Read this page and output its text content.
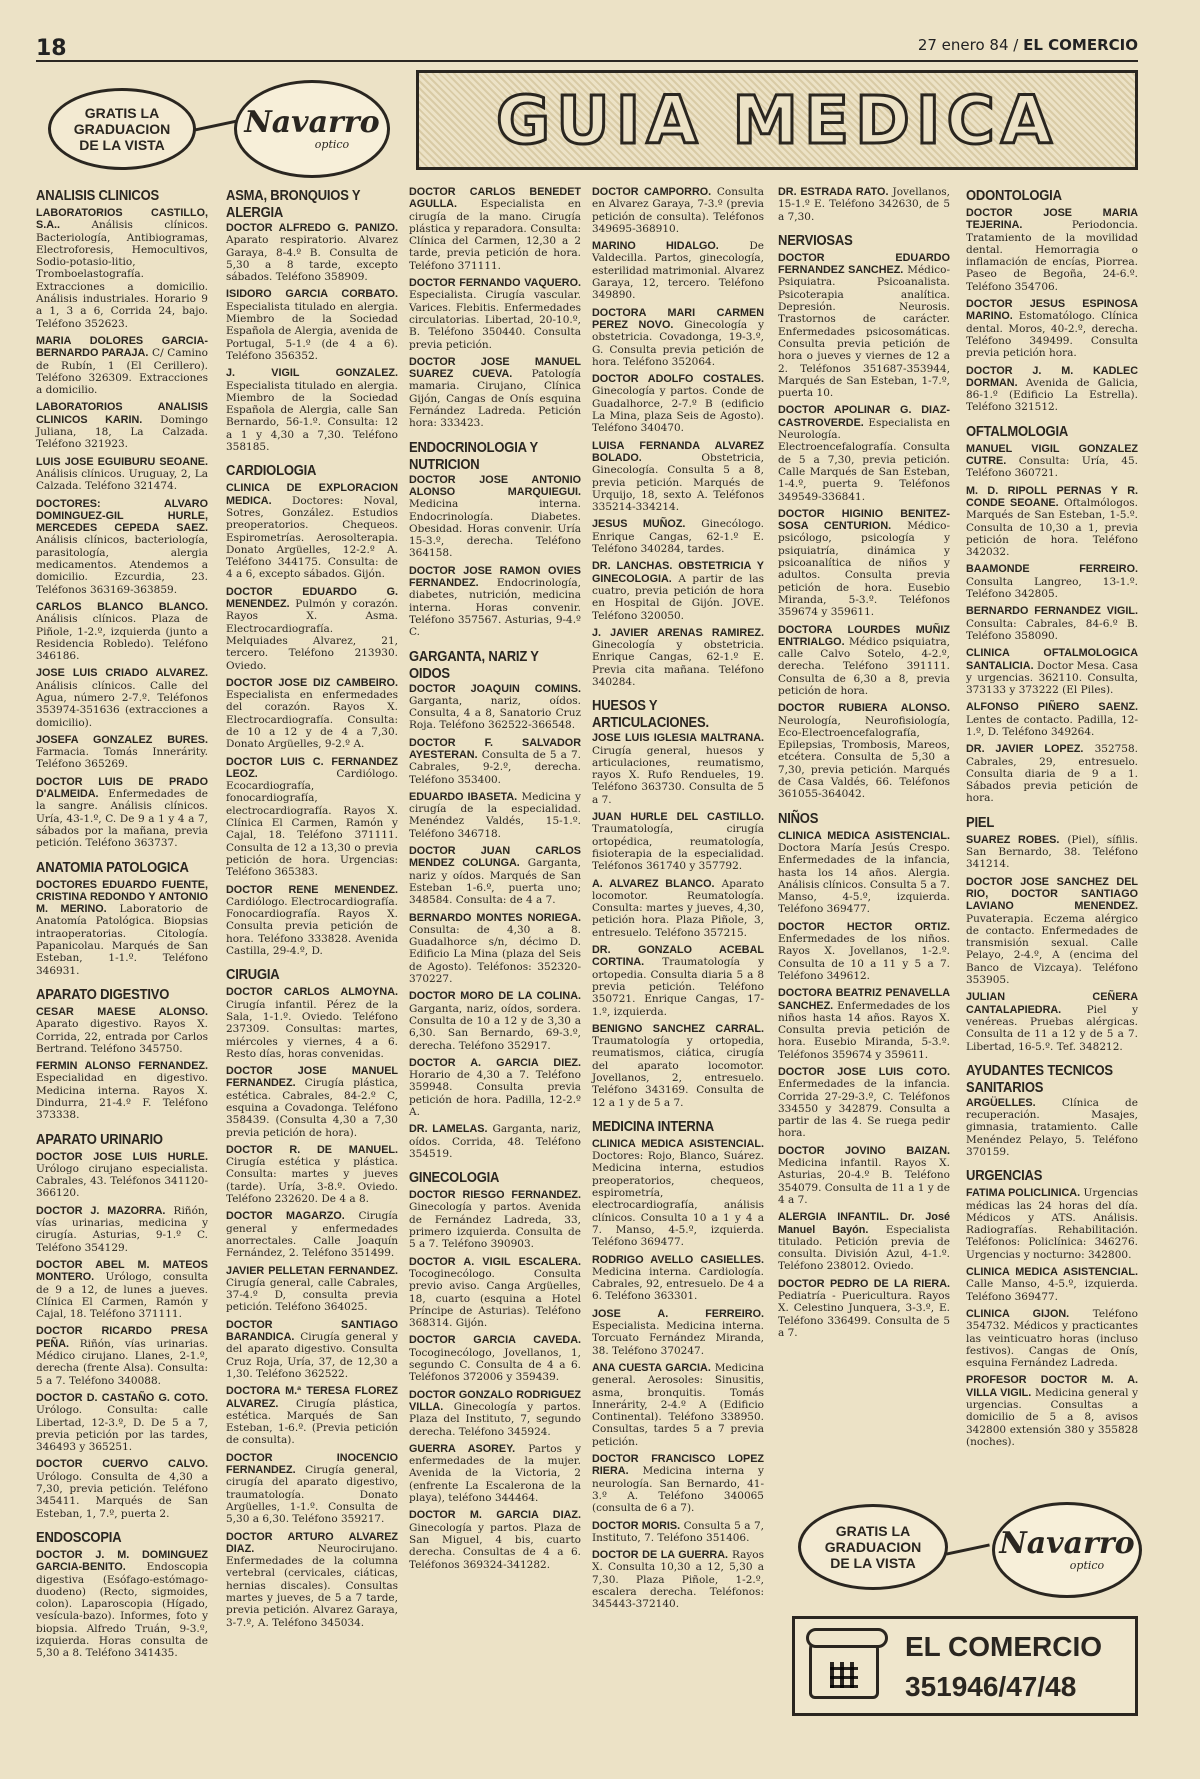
18	27 enero 84 / EL COMERCIO
GRATIS LA GRADUACION DE LA VISTA
Navarro
optico GUIA MEDICA
ANALISIS CLINICOS

LABORATORIOS CASTILLO, S.A..	Análisis clínicos. Bacteriología, Antibiogramas, Electroforesis, Hemocultivos, Sodio-potasio-litio, Tromboelastografía. Extracciones a domicilio. Análisis industriales. Horario 9 a 1, 3 a 6, Corrida 24, bajo. Teléfono 352623.

MARIA DOLORES GARCIA-BERNARDO PARAJA. C/ Camino de Rubín, 1 (El Cerillero). Teléfono 326309. Extracciones a domicilio.

LABORATORIOS ANALISIS CLINICOS KARIN. Domingo Juliana, 18, La Calzada. Teléfono 321923.

LUIS JOSE EGUIBURU SEOANE. Análisis clínicos. Uruguay, 2, La Calzada. Teléfono 321474.

DOCTORES: ALVARO DOMINGUEZ-GIL HURLE, MERCEDES CEPEDA SAEZ. Análisis clínicos, bacteriología, parasitología, alergia medicamentos. Atendemos a domicilio. Ezcurdia, 23. Teléfonos 363169-363859.

CARLOS BLANCO BLANCO. Análisis clínicos. Plaza de Piñole, 1-2.º, izquierda (junto a Residencia Robledo). Teléfono 346186.

JOSE LUIS CRIADO ALVAREZ. Análisis clínicos. Calle del Agua, número 2-7.º. Teléfonos 353974-351636 (extracciones a domicilio).

JOSEFA GONZALEZ BURES. Farmacia. Tomás Innerárity. Teléfono 365269.

DOCTOR LUIS DE PRADO D'ALMEIDA. Enfermedades de la sangre. Análisis clínicos. Uría, 43-1.º, C. De 9 a 1 y 4 a 7, sábados por la mañana, previa petición. Teléfono 363737.

ANATOMIA PATOLOGICA

DOCTORES EDUARDO FUENTE, CRISTINA REDONDO Y ANTONIO M. MERINO. Laboratorio de Anatomía Patológica. Biopsias intraoperatorias. Citología. Papanicolau. Marqués de San Esteban, 1-1.º. Teléfono 346931.

APARATO DIGESTIVO

CESAR MAESE ALONSO. Aparato digestivo. Rayos X. Corrida, 22, entrada por Carlos Bertrand. Teléfono 345750.

FERMIN ALONSO FERNANDEZ. Especialidad en digestivo. Medicina interna. Rayos X. Dindurra, 21-4.º F. Teléfono 373338.

APARATO URINARIO

DOCTOR JOSE LUIS HURLE. Urólogo cirujano especialista. Cabrales, 43. Teléfonos 341120-366120.

DOCTOR J. MAZORRA. Riñón, vías urinarias, medicina y cirugía. Asturias, 9-1.º C. Teléfono 354129.

DOCTOR ABEL M. MATEOS MONTERO. Urólogo, consulta de 9 a 12, de lunes a jueves. Clínica El Carmen, Ramón y Cajal, 18. Teléfono 371111.

DOCTOR RICARDO PRESA PEÑA. Riñón, vías urinarias. Médico cirujano. Llanes, 2-1.º, derecha (frente Alsa). Consulta: 5 a 7. Teléfono 340088.

DOCTOR D. CASTAÑO G. COTO. Urólogo. Consulta: calle Libertad, 12-3.º, D. De 5 a 7, previa petición por las tardes, 346493 y 365251.

DOCTOR CUERVO CALVO. Urólogo. Consulta de 4,30 a 7,30, previa petición. Teléfono 345411. Marqués de San Esteban, 1, 7.º, puerta 2.

ENDOSCOPIA

DOCTOR J. M. DOMINGUEZ GARCIA-BENITO. Endoscopia digestiva (Esófago-estómago-duodeno) (Recto, sigmoides, colon). Laparoscopia (Hígado, vesícula-bazo). Informes, foto y biopsia. Alfredo Truán, 9-3.º, izquierda. Horas consulta de 5,30 a 8. Teléfono 341435.

ASMA, BRONQUIOS Y ALERGIA

DOCTOR ALFREDO G. PANIZO. Aparato respiratorio. Alvarez Garaya, 8-4.º B. Consulta de 5,30 a 8 tarde, excepto sábados. Teléfono 358909.

ISIDORO GARCIA CORBATO. Especialista titulado en alergia. Miembro de la Sociedad Española de Alergia, avenida de Portugal, 5-1.º (de 4 a 6). Teléfono 356352.

J. VIGIL GONZALEZ. Especialista titulado en alergia. Miembro de la Sociedad Española de Alergia, calle San Bernardo, 56-1.º. Consulta: 12 a 1 y 4,30 a 7,30. Teléfono 358185.

CARDIOLOGIA

CLINICA DE EXPLORACION MEDICA. Doctores: Noval, Sotres, González. Estudios preoperatorios. Chequeos. Espirometrías. Aerosolterapia. Donato Argüelles, 12-2.º A. Teléfono 344175. Consulta: de 4 a 6, excepto sábados. Gijón.

DOCTOR EDUARDO G. MENENDEZ. Pulmón y corazón. Rayos X. Asma. Electrocardiografía. Melquiades Alvarez, 21, tercero. Teléfono 213930. Oviedo.

DOCTOR JOSE DIZ CAMBEIRO. Especialista en enfermedades del corazón. Rayos X. Electrocardiografía. Consulta: de 10 a 12 y de 4 a 7,30. Donato Argüelles, 9-2.º A.

DOCTOR LUIS C. FERNANDEZ LEOZ.	Cardiólogo. Ecocardiografía, fonocardiografía, electrocardiografía. Rayos X. Clínica El Carmen, Ramón y Cajal, 18. Teléfono 371111. Consulta de 12 a 13,30 o previa petición de hora. Urgencias: Teléfono 365383.

DOCTOR RENE MENENDEZ. Cardiólogo. Electrocardiografía. Fonocardiografía. Rayos X. Consulta previa petición de hora. Teléfono 333828. Avenida Castilla, 29-4.º, D.

CIRUGIA

DOCTOR CARLOS ALMOYNA. Cirugía infantil. Pérez de la Sala, 1-1.º. Oviedo. Teléfono 237309. Consultas: martes, miércoles y viernes, 4 a 6. Resto días, horas convenidas.

DOCTOR JOSE MANUEL FERNANDEZ. Cirugía plástica, estética. Cabrales, 84-2.º C, esquina a Covadonga. Teléfono 358439. (Consulta 4,30 a 7,30 previa petición de hora).

DOCTOR R. DE MANUEL. Cirugía estética y plástica. Consulta: martes y jueves (tarde). Uría, 3-8.º. Oviedo. Teléfono 232620. De 4 a 8.

DOCTOR MAGARZO. Cirugía general y enfermedades anorrectales. Calle Joaquín Fernández, 2. Teléfono 351499.

JAVIER PELLETAN FERNANDEZ. Cirugía general, calle Cabrales, 37-4.º D, consulta previa petición. Teléfono 364025.

DOCTOR SANTIAGO BARANDICA. Cirugía general y del aparato digestivo. Consulta Cruz Roja, Uría, 37, de 12,30 a 1,30. Teléfono 362522.

DOCTORA M.ª TERESA FLOREZ ALVAREZ. Cirugía plástica, estética. Marqués de San Esteban, 1-6.º. (Previa petición de consulta).

DOCTOR INOCENCIO FERNANDEZ. Cirugía general, cirugía del aparato digestivo, traumatología. Donato Argüelles, 1-1.º. Consulta de 5,30 a 6,30. Teléfono 359217.

DOCTOR ARTURO ALVAREZ DIAZ.	Neurocirujano. Enfermedades de la columna vertebral (cervicales, ciáticas, hernias discales). Consultas martes y jueves, de 5 a 7 tarde, previa petición. Alvarez Garaya, 3-7.º, A. Teléfono 345034.

DOCTOR CARLOS BENEDET AGULLA. Especialista en cirugía de la mano. Cirugía plástica y reparadora. Consulta: Clínica del Carmen, 12,30 a 2 tarde, previa petición de hora. Teléfono 371111.

DOCTOR FERNANDO VAQUERO. Especialista. Cirugía vascular. Varices. Flebitis. Enfermedades circulatorias. Libertad, 20-10.º, B. Teléfono 350440. Consulta previa petición.

DOCTOR JOSE MANUEL SUAREZ CUEVA. Patología mamaria. Cirujano, Clínica Gijón, Cangas de Onís esquina Fernández Ladreda. Petición hora: 333423.

ENDOCRINOLOGIA Y NUTRICION

DOCTOR JOSE ANTONIO ALONSO MARQUIEGUI. Medicina interna. Endocrinología. Diabetes. Obesidad. Horas convenir. Uría 15-3.º, derecha. Teléfono 364158.

DOCTOR JOSE RAMON OVIES FERNANDEZ. Endocrinología, diabetes, nutrición, medicina interna. Horas convenir. Teléfono 357567. Asturias, 9-4.º C.

GARGANTA, NARIZ Y OIDOS

DOCTOR JOAQUIN COMINS. Garganta, nariz, oídos. Consulta, 4 a 8, Sanatorio Cruz Roja. Teléfono 362522-366548.

DOCTOR F. SALVADOR AYESTERAN. Consulta de 5 a 7. Cabrales, 9-2.º, derecha. Teléfono 353400.

EDUARDO IBASETA. Medicina y cirugía de la especialidad. Menéndez Valdés, 15-1.º. Teléfono 346718.

DOCTOR JUAN CARLOS MENDEZ COLUNGA. Garganta, nariz y oídos. Marqués de San Esteban 1-6.º, puerta uno; 348584. Consulta: de 4 a 7.

BERNARDO MONTES NORIEGA. Consulta: de 4,30 a 8. Guadalhorce s/n, décimo D. Edificio La Mina (plaza del Seis de Agosto). Teléfonos: 352320-370227.

DOCTOR MORO DE LA COLINA. Garganta, nariz, oídos, sordera. Consulta de 10 a 12 y de 3,30 a 6,30. San Bernardo, 69-3.º, derecha. Teléfono 352917.

DOCTOR A. GARCIA DIEZ. Horario de 4,30 a 7. Teléfono 359948. Consulta previa petición de hora. Padilla, 12-2.º A.

DR. LAMELAS. Garganta, nariz, oídos. Corrida, 48. Teléfono 354519.

GINECOLOGIA

DOCTOR RIESGO FERNANDEZ. Ginecología y partos. Avenida de Fernández Ladreda, 33, primero izquierda. Consulta de 5 a 7. Teléfono 390903.

DOCTOR A. VIGIL ESCALERA. Tocoginecólogo. Consulta previo aviso. Canga Argüelles, 18, cuarto (esquina a Hotel Príncipe de Asturias). Teléfono 368314. Gijón.

DOCTOR GARCIA CAVEDA. Tocoginecólogo, Jovellanos, 1, segundo C. Consulta de 4 a 6. Teléfonos 372006 y 359439.

DOCTOR GONZALO RODRIGUEZ VILLA. Ginecología y partos. Plaza del Instituto, 7, segundo derecha. Teléfono 345924.

GUERRA ASOREY. Partos y enfermedades de la mujer. Avenida de la Victoria, 2 (enfrente La Escalerona de la playa), teléfono 344464.

DOCTOR M. GARCIA DIAZ. Ginecología y partos. Plaza de San Miguel, 4 bis, cuarto derecha. Consultas de 4 a 6. Teléfonos 369324-341282.

DOCTOR CAMPORRO. Consulta en Alvarez Garaya, 7-3.º (previa petición de consulta). Teléfonos 349695-368910.

MARINO HIDALGO.	De Valdecilla. Partos, ginecología, esterilidad matrimonial. Alvarez Garaya, 12, tercero. Teléfono 349890.

DOCTORA MARI CARMEN PEREZ NOVO. Ginecología y obstetricia. Covadonga, 19-3.º, G. Consulta previa petición de hora. Teléfono 352064.

DOCTOR ADOLFO COSTALES. Ginecología y partos. Conde de Guadalhorce, 2-7.º B (edificio La Mina, plaza Seis de Agosto). Teléfono 340470.

LUISA FERNANDA ALVAREZ BOLADO.	Obstetricia, Ginecología. Consulta 5 a 8, previa petición. Marqués de Urquijo, 18, sexto A. Teléfonos 335214-334214.

JESUS MUÑOZ. Ginecólogo. Enrique Cangas, 62-1.º E. Teléfono 340284, tardes.

DR. LANCHAS. OBSTETRICIA Y GINECOLOGIA. A partir de las cuatro, previa petición de hora en Hospital de Gijón. JOVE. Teléfono 320050.

J. JAVIER ARENAS RAMIREZ. Ginecología y obstetricia. Enrique Cangas, 62-1.º E. Previa cita mañana. Teléfono 340284.

HUESOS Y ARTICULACIONES.

JOSE LUIS IGLESIA MALTRANA. Cirugía general, huesos y articulaciones, reumatismo, rayos X. Rufo Rendueles, 19. Teléfono 363730. Consulta de 5 a 7.

JUAN HURLE DEL CASTILLO. Traumatología, cirugía ortopédica, reumatología, fisioterapia de la especialidad. Teléfonos 361740 y 357792.

A. ALVAREZ BLANCO. Aparato locomotor. Reumatología. Consulta: martes y jueves, 4,30, petición hora. Plaza Piñole, 3, entresuelo. Teléfono 357215.

DR. GONZALO ACEBAL CORTINA. Traumatología y ortopedia. Consulta diaria 5 a 8 previa petición. Teléfono 350721. Enrique Cangas, 17-1.º, izquierda.

BENIGNO SANCHEZ CARRAL. Traumatología y ortopedia, reumatismos, ciática, cirugía del aparato locomotor. Jovellanos, 2, entresuelo. Teléfono 343169. Consulta de 12 a 1 y de 5 a 7.

MEDICINA INTERNA

CLINICA MEDICA ASISTENCIAL. Doctores: Rojo, Blanco, Suárez. Medicina interna, estudios preoperatorios, chequeos, espirometría, electrocardiografía, análisis clínicos. Consulta 10 a 1 y 4 a 7. Manso, 4-5.º, izquierda. Teléfono 369477.

RODRIGO AVELLO CASIELLES. Medicina interna. Cardiología. Cabrales, 92, entresuelo. De 4 a 6. Teléfono 363301.

JOSE A. FERREIRO. Especialista. Medicina interna. Torcuato Fernández Miranda, 38. Teléfono 370247.

ANA CUESTA GARCIA. Medicina general. Aerosoles: Sinusitis, asma, bronquitis. Tomás Innerárity, 2-4.º A (Edificio Continental). Teléfono 338950. Consultas, tardes 5 a 7 previa petición.

DOCTOR FRANCISCO LOPEZ RIERA. Medicina interna y neurología. San Bernardo, 41-3.º A. Teléfono 340065 (consulta de 6 a 7).

DOCTOR MORIS. Consulta 5 a 7, Instituto, 7. Teléfono 351406.

DOCTOR DE LA GUERRA. Rayos X. Consulta 10,30 a 12, 5,30 a 7,30. Plaza Piñole, 1-2.º, escalera derecha. Teléfonos: 345443-372140.

DR. ESTRADA RATO. Jovellanos, 15-1.º E. Teléfono 342630, de 5 a 7,30.

NERVIOSAS

DOCTOR EDUARDO FERNANDEZ SANCHEZ. Médico-Psiquiatra. Psicoanalista. Psicoterapia analítica. Depresión. Neurosis. Trastornos de carácter. Enfermedades psicosomáticas. Consulta previa petición de hora o jueves y viernes de 12 a 2. Teléfonos 351687-353944, Marqués de San Esteban, 1-7.º, puerta 10.

DOCTOR APOLINAR G. DIAZ-CASTROVERDE. Especialista en Neurología. Electroencefalografía. Consulta de 5 a 7,30, previa petición. Calle Marqués de San Esteban, 1-4.º, puerta 9. Teléfonos 349549-336841.

DOCTOR HIGINIO BENITEZ-SOSA CENTURION. Médico-psicólogo, psicología y psiquiatría, dinámica y psicoanalítica de niños y adultos. Consulta previa petición de hora. Eusebio Miranda, 5-3.º. Teléfonos 359674 y 359611.

DOCTORA LOURDES MUÑIZ ENTRIALGO. Médico psiquiatra, calle Calvo Sotelo, 4-2.º, derecha. Teléfono 391111. Consulta de 6,30 a 8, previa petición de hora.

DOCTOR RUBIERA ALONSO. Neurología, Neurofisiología, Eco-Electroencefalografía, Epilepsias, Trombosis, Mareos, etcétera. Consulta de 5,30 a 7,30, previa petición. Marqués de Casa Valdés, 66. Teléfonos 361055-364042.

NIÑOS

CLINICA MEDICA ASISTENCIAL. Doctora María Jesús Crespo. Enfermedades de la infancia, hasta los 14 años. Alergia. Análisis clínicos. Consulta 5 a 7. Manso, 4-5.º, izquierda. Teléfono 369477.

DOCTOR HECTOR ORTIZ. Enfermedades de los niños. Rayos X. Jovellanos, 1-2.º. Consulta de 10 a 11 y 5 a 7. Teléfono 349612.

DOCTORA BEATRIZ PENAVELLA SANCHEZ. Enfermedades de los niños hasta 14 años. Rayos X. Consulta previa petición de hora. Eusebio Miranda, 5-3.º. Teléfonos 359674 y 359611.

DOCTOR JOSE LUIS COTO. Enfermedades de la infancia. Corrida 27-29-3.º, C. Teléfonos 334550 y 342879. Consulta a partir de las 4. Se ruega pedir hora.

DOCTOR JOVINO BAIZAN. Medicina infantil. Rayos X. Asturias, 20-4.º B. Teléfono 354079. Consulta de 11 a 1 y de 4 a 7.

ALERGIA INFANTIL. Dr. José Manuel Bayón. Especialista titulado. Petición previa de consulta. División Azul, 4-1.º. Teléfono 238012. Oviedo.

DOCTOR PEDRO DE LA RIERA. Pediatría - Puericultura. Rayos X. Celestino Junquera, 3-3.º, E. Teléfono 336499. Consulta de 5 a 7.

ODONTOLOGIA

DOCTOR JOSE MARIA TEJERINA.	Periodoncia. Tratamiento de la movilidad dental. Hemorragia o inflamación de encías, Piorrea. Paseo de Begoña, 24-6.º. Teléfono 354706.

DOCTOR JESUS ESPINOSA MARINO. Estomatólogo. Clínica dental. Moros, 40-2.º, derecha. Teléfono 349499. Consulta previa petición hora.

DOCTOR J. M. KADLEC DORMAN. Avenida de Galicia, 86-1.º (Edificio La Estrella). Teléfono 321512.

OFTALMOLOGIA

MANUEL VIGIL GONZALEZ CUTRE. Consulta: Uría, 45. Teléfono 360721.

M. D. RIPOLL PERNAS Y R. CONDE SEOANE. Oftalmólogos. Marqués de San Esteban, 1-5.º. Consulta de 10,30 a 1, previa petición de hora. Teléfono 342032.

BAAMONDE FERREIRO. Consulta Langreo, 13-1.º. Teléfono 342805.

BERNARDO FERNANDEZ VIGIL. Consulta: Cabrales, 84-6.º B. Teléfono 358090.

CLINICA OFTALMOLOGICA SANTALICIA. Doctor Mesa. Casa y urgencias. 362110. Consulta, 373133 y 373222 (El Piles).

ALFONSO PIÑERO SAENZ. Lentes de contacto. Padilla, 12-1.º, D. Teléfono 349264.

DR. JAVIER LOPEZ. 352758. Cabrales, 29, entresuelo. Consulta diaria de 9 a 1. Sábados previa petición de hora.

PIEL

SUAREZ ROBES. (Piel), sífilis. San Bernardo, 38. Teléfono 341214.

DOCTOR JOSE SANCHEZ DEL RIO, DOCTOR SANTIAGO LAVIANO MENENDEZ. Puvaterapia. Eczema alérgico de contacto. Enfermedades de transmisión sexual. Calle Pelayo, 2-4.º, A (encima del Banco de Vizcaya). Teléfono 353905.

JULIAN CEÑERA CANTALAPIEDRA. Piel y venéreas. Pruebas alérgicas. Consulta de 11 a 12 y de 5 a 7. Libertad, 16-5.º. Tef. 348212.

AYUDANTES TECNICOS SANITARIOS

ARGÜELLES. Clínica de recuperación. Masajes, gimnasia, tratamiento. Calle Menéndez Pelayo, 5. Teléfono 370159.

URGENCIAS

FATIMA POLICLINICA. Urgencias médicas las 24 horas del día. Médicos y ATS. Análisis. Radiografías. Rehabilitación. Teléfonos: Policlínica: 346276. Urgencias y nocturno: 342800.

CLINICA MEDICA ASISTENCIAL. Calle Manso, 4-5.º, izquierda. Teléfono 369477.

CLINICA GIJON. Teléfono 354732. Médicos y practicantes las veinticuatro horas (incluso festivos). Cangas de Onís, esquina Fernández Ladreda.

PROFESOR DOCTOR M. A. VILLA VIGIL. Medicina general y urgencias. Consultas a domicilio de 5 a 8, avisos 342800 extensión 380 y 355828 (noches).

GRATIS LA GRADUACION DE LA VISTA
Navarro
optico
EL COMERCIO
351946/47/48
